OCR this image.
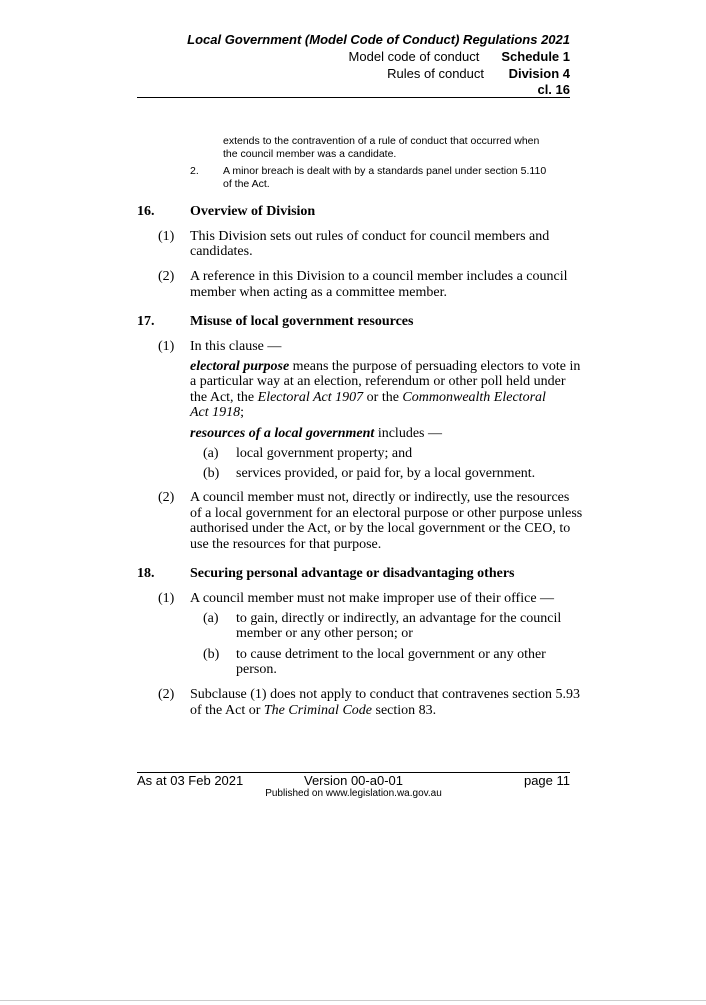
Local Government (Model Code of Conduct) Regulations 2021
Model code of conduct Schedule 1
Rules of conduct Division 4
cl. 16
extends to the contravention of a rule of conduct that occurred when
the council member was a candidate.
2. A minor breach is dealt with by a standards panel under section 5.110
of the Act.
16.	Overview of Division
(1) This Division sets out rules of conduct for council members and
candidates.
(2) A reference in this Division to a council member includes a council
member when acting as a committee member.
17.	Misuse of local government resources
(1) In this clause —
electoral purpose means the purpose of persuading electors to vote in
a particular way at an election, referendum or other poll held under
the Act, the Electoral Act 1907 or the Commonwealth Electoral
Act 1918;
resources of a local government includes —
(a) local government property; and
(b) services provided, or paid for, by a local government.
(2) A council member must not, directly or indirectly, use the resources
of a local government for an electoral purpose or other purpose unless
authorised under the Act, or by the local government or the CEO, to
use the resources for that purpose.
18.	Securing personal advantage or disadvantaging others
(1) A council member must not make improper use of their office —
(a) to gain, directly or indirectly, an advantage for the council
member or any other person; or
(b) to cause detriment to the local government or any other
person.
(2) Subclause (1) does not apply to conduct that contravenes section 5.93
of the Act or The Criminal Code section 83.
As at 03 Feb 2021	Version 00-a0-01	page 11
Published on www.legislation.wa.gov.au
